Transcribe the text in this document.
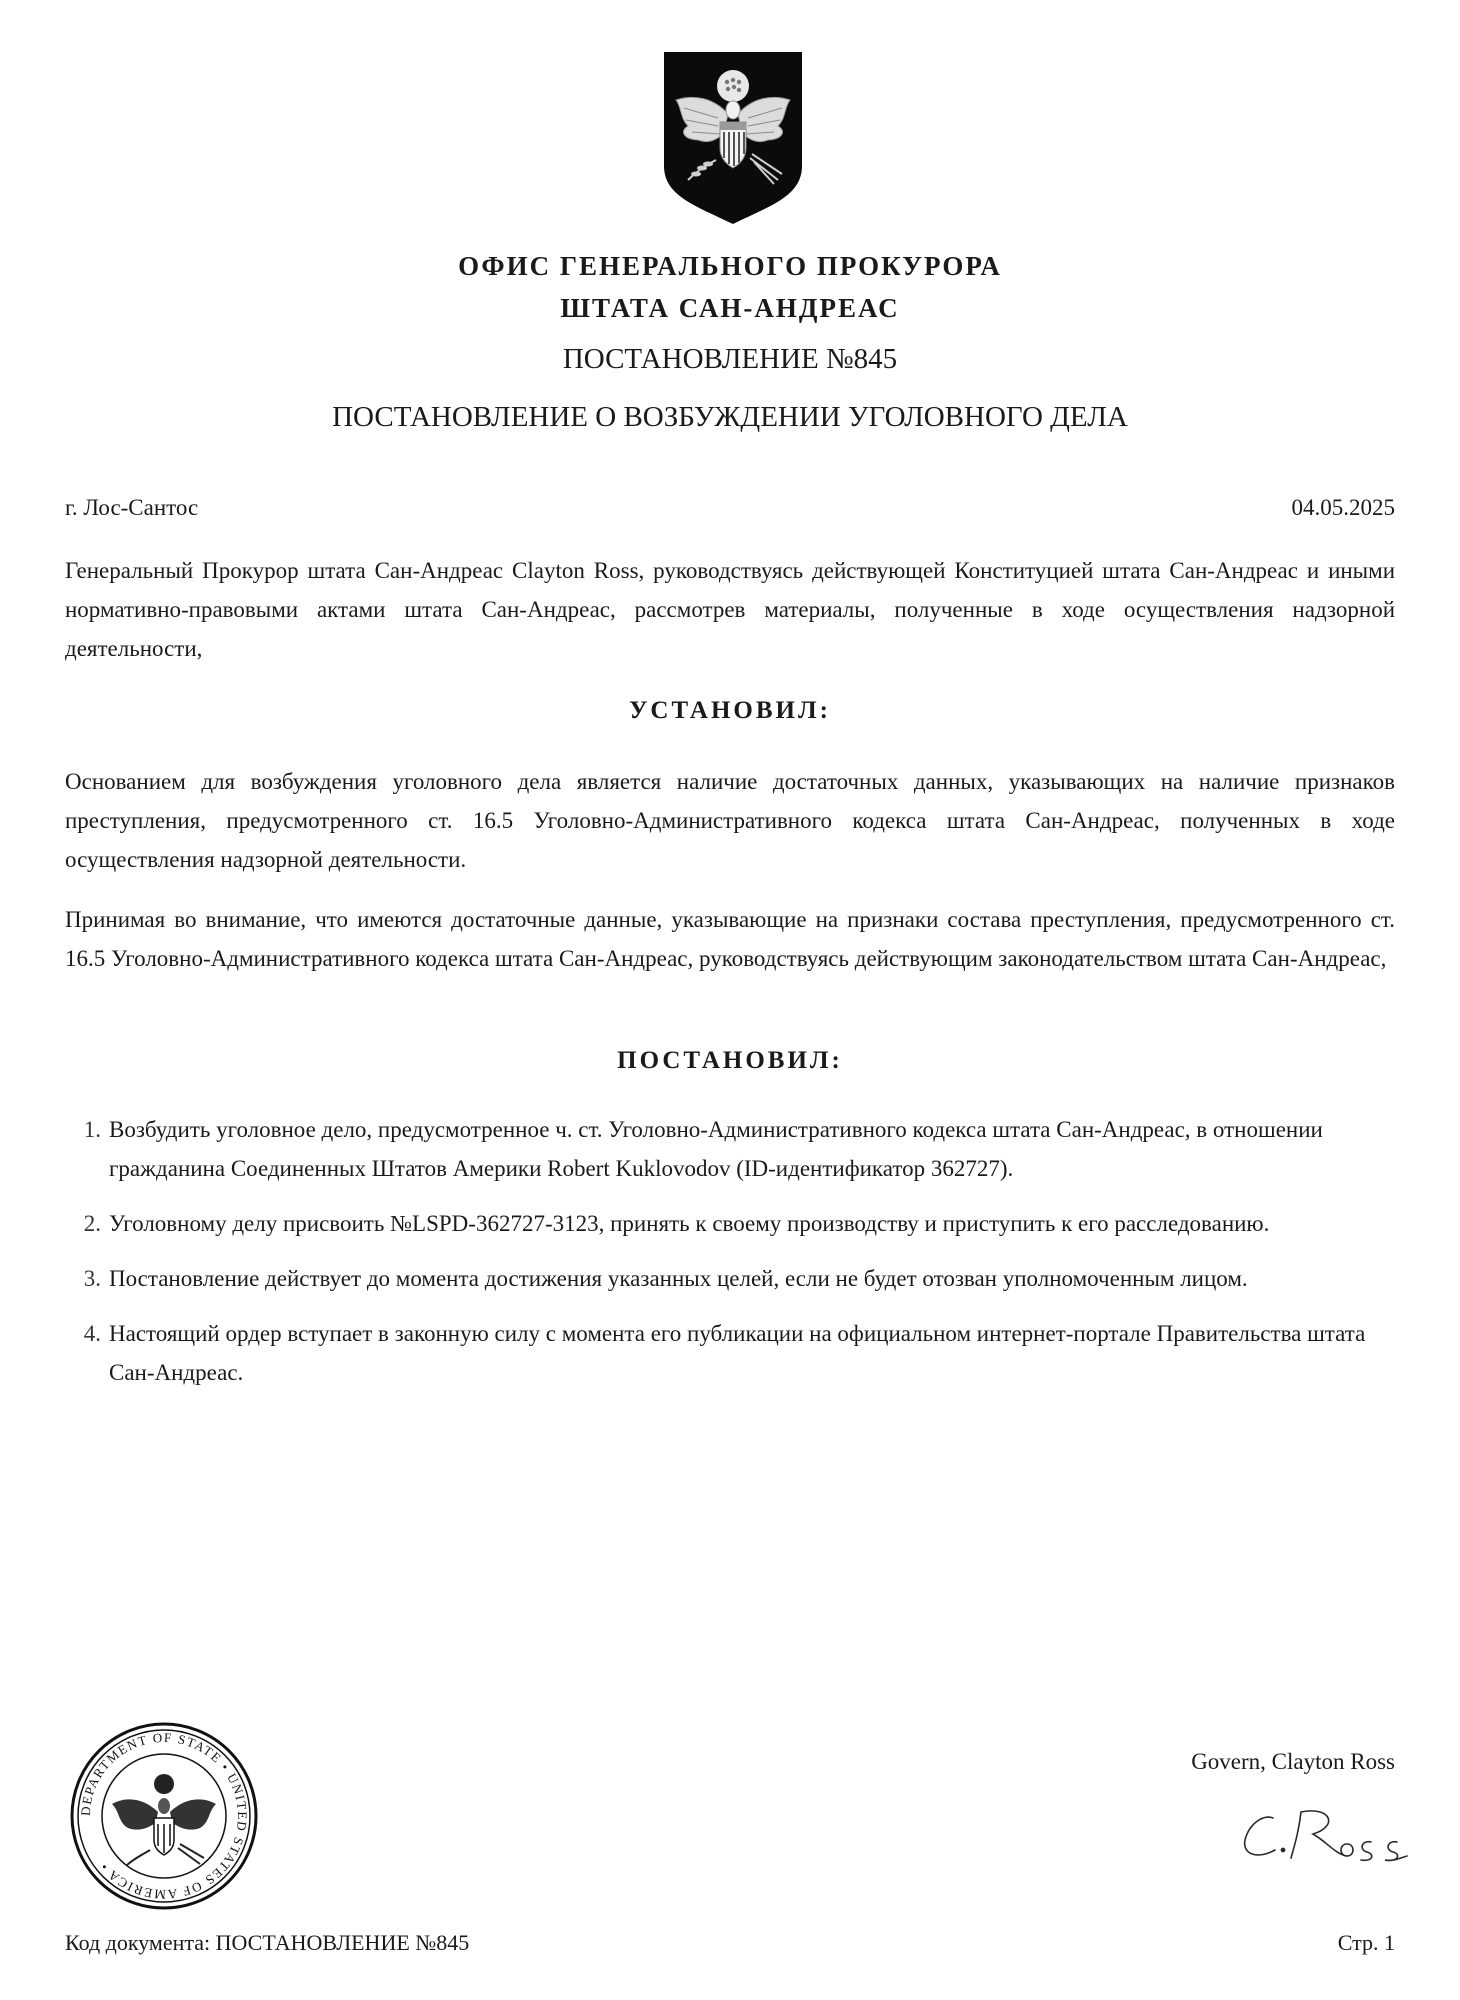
ОФИС ГЕНЕРАЛЬНОГО ПРОКУРОРА
ШТАТА САН-АНДРЕАС
ПОСТАНОВЛЕНИЕ №845
ПОСТАНОВЛЕНИЕ О ВОЗБУЖДЕНИИ УГОЛОВНОГО ДЕЛА
г. Лос-Сантос	04.05.2025

Генеральный Прокурор штата Сан-Андреас Clayton Ross, руководствуясь действующей Конституцией штата Сан-Андреас и иными нормативно-правовыми актами штата Сан-Андреас, рассмотрев материалы, полученные в ходе осуществления надзорной деятельности,

УСТАНОВИЛ:

Основанием для возбуждения уголовного дела является наличие достаточных данных, указывающих на наличие признаков преступления, предусмотренного ст. 16.5 Уголовно-Административного кодекса штата Сан-Андреас, полученных в ходе осуществления надзорной деятельности.

Принимая во внимание, что имеются достаточные данные, указывающие на признаки состава преступления, предусмотренного ст. 16.5 Уголовно-Административного кодекса штата Сан-Андреас, руководствуясь действующим законодательством штата Сан-Андреас,

ПОСТАНОВИЛ:
1. Возбудить уголовное дело, предусмотренное ч. ст. Уголовно-Административного кодекса штата Сан-Андреас, в отношении гражданина Соединенных Штатов Америки Robert Kuklovodov (ID-идентификатор 362727).
2. Уголовному делу присвоить №LSPD-362727-3123, принять к своему производству и приступить к его расследованию.
3. Постановление действует до момента достижения указанных целей, если не будет отозван уполномоченным лицом.
4. Настоящий ордер вступает в законную силу с момента его публикации на официальном интернет-портале Правительства штата Сан-Андреас.
DEPARTMENT OF STATE • UNITED STATES OF AMERICA •
Govern, Clayton Ross
Код документа: ПОСТАНОВЛЕНИЕ №845	Стр. 1
